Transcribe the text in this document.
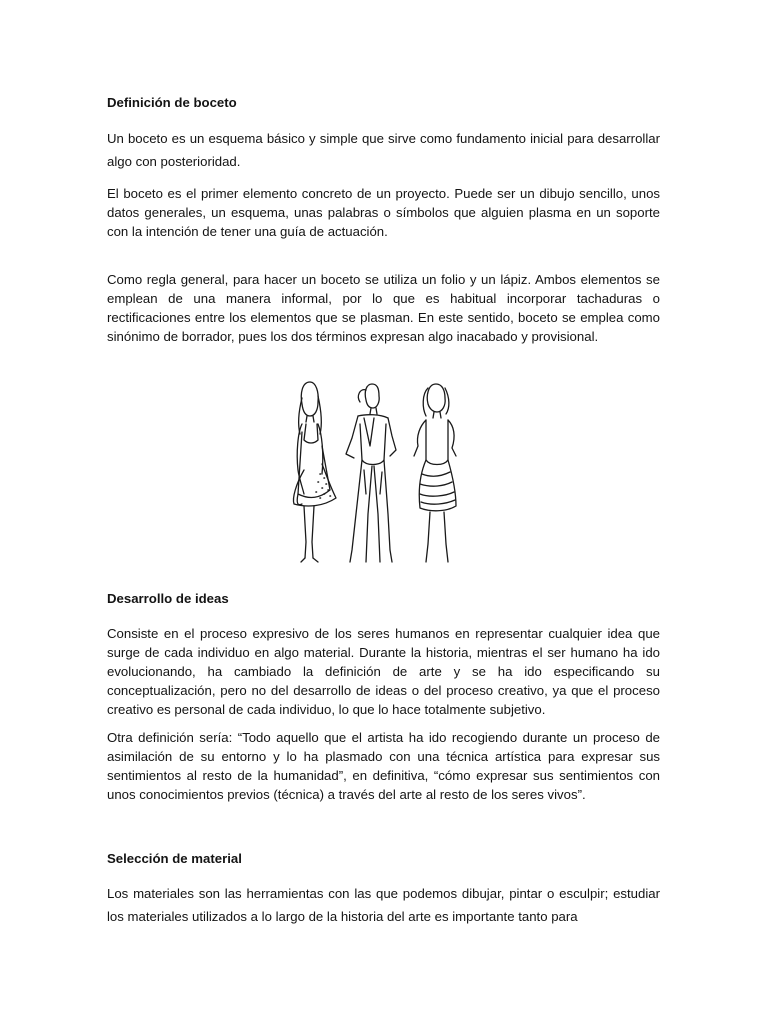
Definición de boceto

Un boceto es un esquema básico y simple que sirve como fundamento inicial para desarrollar algo con posterioridad.

El boceto es el primer elemento concreto de un proyecto. Puede ser un dibujo sencillo, unos datos generales, un esquema, unas palabras o símbolos que alguien plasma en un soporte con la intención de tener una guía de actuación.

Como regla general, para hacer un boceto se utiliza un folio y un lápiz. Ambos elementos se emplean de una manera informal, por lo que es habitual incorporar tachaduras o rectificaciones entre los elementos que se plasman. En este sentido, boceto se emplea como sinónimo de borrador, pues los dos términos expresan algo inacabado y provisional.

Desarrollo de ideas

Consiste en el proceso expresivo de los seres humanos en representar cualquier idea que surge de cada individuo en algo material. Durante la historia, mientras el ser humano ha ido evolucionando, ha cambiado la definición de arte y se ha ido especificando su conceptualización, pero no del desarrollo de ideas o del proceso creativo, ya que el proceso creativo es personal de cada individuo, lo que lo hace totalmente subjetivo.

Otra definición sería: “Todo aquello que el artista ha ido recogiendo durante un proceso de asimilación de su entorno y lo ha plasmado con una técnica artística para expresar sus sentimientos al resto de la humanidad”, en definitiva, “cómo expresar sus sentimientos con unos conocimientos previos (técnica) a través del arte al resto de los seres vivos”.

Selección de material

Los materiales son las herramientas con las que podemos dibujar, pintar o esculpir; estudiar los materiales utilizados a lo largo de la historia del arte es importante tanto para
